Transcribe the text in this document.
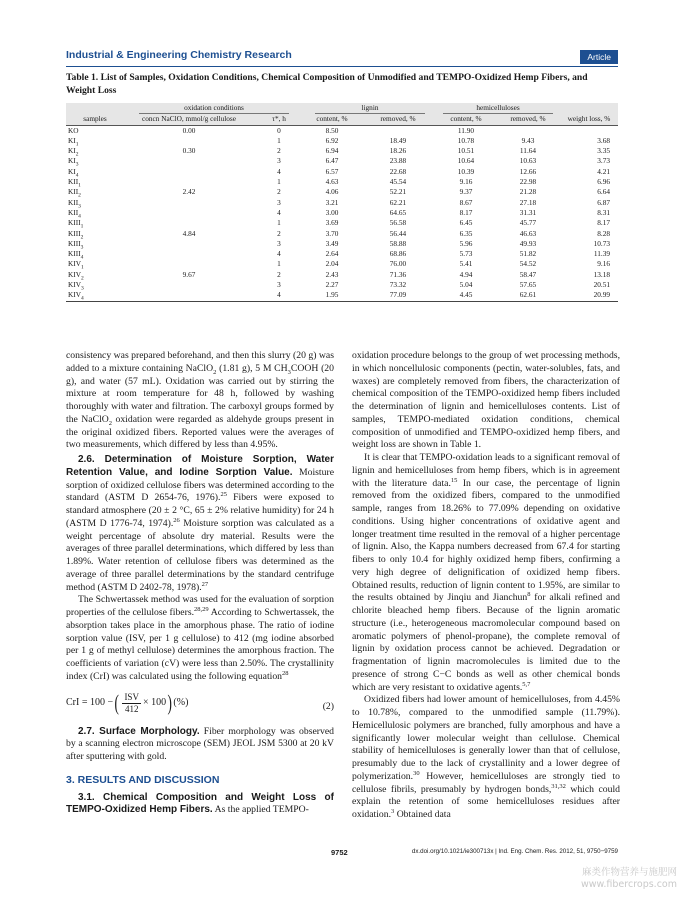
Industrial & Engineering Chemistry Research	Article
Table 1. List of Samples, Oxidation Conditions, Chemical Composition of Unmodified and TEMPO-Oxidized Hemp Fibers, and Weight Loss
	oxidation conditions		lignin		hemicelluloses		
samples	concn NaClO, mmol/g cellulose	τ*, h	content, %	removed, %	content, %	removed, %	weight loss, %
KO	0.00	0	8.50		11.90		
$KI_1$		1	6.92	18.49	10.78	9.43	3.68
$KI_2$	0.30	2	6.94	18.26	10.51	11.64	3.35
$KI_3$		3	6.47	23.88	10.64	10.63	3.73
$KI_4$		4	6.57	22.68	10.39	12.66	4.21
$KII_1$		1	4.63	45.54	9.16	22.98	6.96
$KII_2$	2.42	2	4.06	52.21	9.37	21.28	6.64
$KII_3$		3	3.21	62.21	8.67	27.18	6.87
$KII_4$		4	3.00	64.65	8.17	31.31	8.31
$KIII_1$		1	3.69	56.58	6.45	45.77	8.17
$KIII_2$	4.84	2	3.70	56.44	6.35	46.63	8.28
$KIII_3$		3	3.49	58.88	5.96	49.93	10.73
$KIII_4$		4	2.64	68.86	5.73	51.82	11.39
$KIV_1$		1	2.04	76.00	5.41	54.52	9.16
$KIV_2$	9.67	2	2.43	71.36	4.94	58.47	13.18
$KIV_3$		3	2.27	73.32	5.04	57.65	20.51
$KIV_4$		4	1.95	77.09	4.45	62.61	20.99

consistency was prepared beforehand, and then this slurry (20 g) was added to a mixture containing NaClO$_2$ (1.81 g), 5 M $CH_3COOH$ (20 g), and water (57 mL). Oxidation was carried out by stirring the mixture at room temperature for 48 h, followed by washing thoroughly with water and filtration. The carboxyl groups formed by the NaClO$_2$ oxidation were regarded as aldehyde groups present in the original oxidized fibers. Reported values were the averages of two measurements, which differed by less than 4.95%.

2.6. Determination of Moisture Sorption, Water Retention Value, and Iodine Sorption Value. Moisture sorption of oxidized cellulose fibers was determined according to the standard (ASTM D 2654-76, 1976).$^{25}$ Fibers were exposed to standard atmosphere (20 ± 2 °C, 65 ± 2% relative humidity) for 24 h (ASTM D 1776-74, 1974).$^{26}$ Moisture sorption was calculated as a weight percentage of absolute dry material. Results were the averages of three parallel determinations, which differed by less than 1.89%. Water retention of cellulose fibers was determined as the average of three parallel determinations by the standard centrifuge method (ASTM D 2402-78, 1978).$^{27}$

The Schwertassek method was used for the evaluation of sorption properties of the cellulose fibers.$^{28,29}$ According to Schwertassek, the absorption takes place in the amorphous phase. The ratio of iodine sorption value (ISV, per 1 g cellulose) to 412 (mg iodine absorbed per 1 g of methyl cellulose) determines the amorphous fraction. The coefficients of variation (cV) were less than 2.50%. The crystallinity index (CrI) was calculated using the following equation$^{28}$

CrI = 100 − ( $\frac{\text{ISV}}{412} \times 100$ ) (%)	(2)

2.7. Surface Morphology. Fiber morphology was observed by a scanning electron microscope (SEM) JEOL JSM 5300 at 20 kV after sputtering with gold.

3. RESULTS AND DISCUSSION

3.1. Chemical Composition and Weight Loss of TEMPO-Oxidized Hemp Fibers. As the applied TEMPO-

oxidation procedure belongs to the group of wet processing methods, in which noncellulosic components (pectin, water-solubles, fats, and waxes) are completely removed from fibers, the characterization of chemical composition of the TEMPO-oxidized hemp fibers included the determination of lignin and hemicelluloses contents. List of samples, TEMPO-mediated oxidation conditions, chemical composition of unmodified and TEMPO-oxidized hemp fibers, and weight loss are shown in Table 1.

It is clear that TEMPO-oxidation leads to a significant removal of lignin and hemicelluloses from hemp fibers, which is in agreement with the literature data.$^{15}$ In our case, the percentage of lignin removed from the oxidized fibers, compared to the unmodified sample, ranges from 18.26% to 77.09% depending on oxidative conditions. Using higher concentrations of oxidative agent and longer treatment time resulted in the removal of a higher percentage of lignin. Also, the Kappa numbers decreased from 67.4 for starting fibers to only 10.4 for highly oxidized hemp fibers, confirming a very high degree of delignification of oxidized hemp fibers. Obtained results, reduction of lignin content to 1.95%, are similar to the results obtained by Jinqiu and Jianchun$^8$ for alkali refined and chlorite bleached hemp fibers. Because of the lignin aromatic structure (i.e., heterogeneous macromolecular compound based on aromatic polymers of phenol-propane), the complete removal of lignin by oxidation process cannot be achieved. Degradation or fragmentation of lignin macromolecules is limited due to the presence of strong C−C bonds as well as other chemical bonds which are very resistant to oxidative agents.$^{5,7}$

Oxidized fibers had lower amount of hemicelluloses, from 4.45% to 10.78%, compared to the unmodified sample (11.79%). Hemicellulosic polymers are branched, fully amorphous and have a significantly lower molecular weight than cellulose. Chemical stability of hemicelluloses is generally lower than that of cellulose, presumably due to the lack of crystallinity and a lower degree of polymerization.$^{30}$ However, hemicelluloses are strongly tied to cellulose fibrils, presumably by hydrogen bonds,$^{31,32}$ which could explain the retention of some hemicelluloses residues after oxidation.$^3$ Obtained data

9752	dx.doi.org/10.1021/ie300713x | Ind. Eng. Chem. Res. 2012, 51, 9750−9759
麻类作物营养与施肥网
www.fibercrops.com
